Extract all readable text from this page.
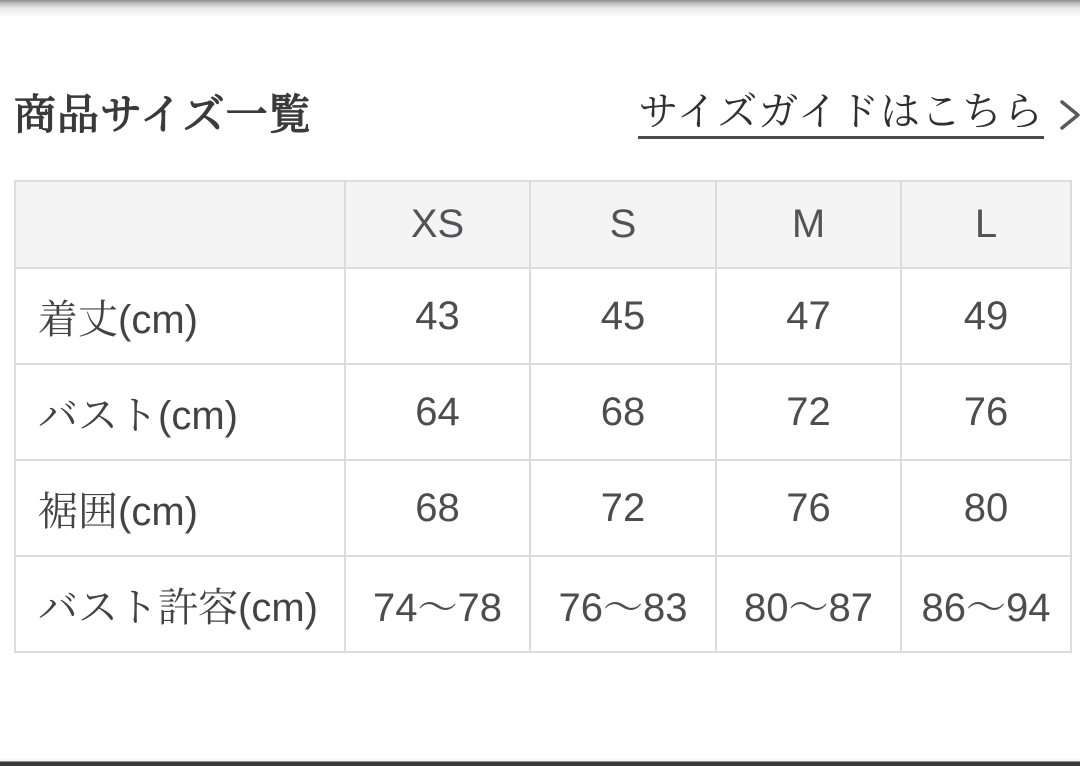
商品サイズ一覧	サイズガイドはこちら
	XS	S	M	L
着丈(cm)	43	45	47	49
バスト(cm)	64	68	72	76
裾囲(cm)	68	72	76	80
バスト許容(cm)	74〜78	76〜83	80〜87	86〜94
